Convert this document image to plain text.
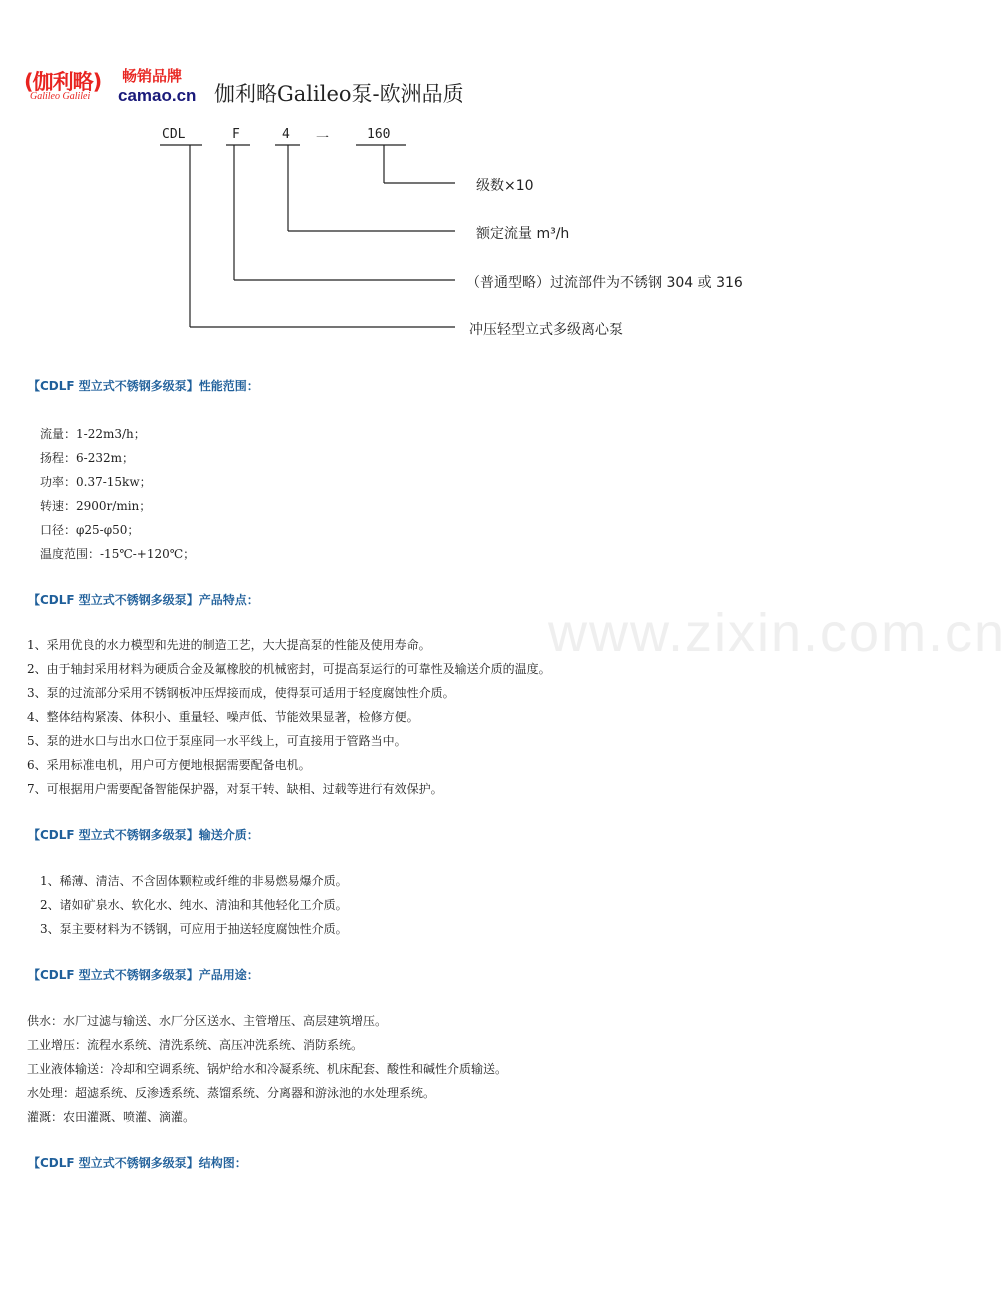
(伽利略) 畅销品牌
camao.cn
Galileo Galilei	伽利略Galileo泵-欧洲品质
CDL	F	4 一	160
级数×10
额定流量 m³/h
（普通型略）过流部件为不锈钢 304 或 316
冲压轻型立式多级离心泵
www.zixin.com.cn
【CDLF 型立式不锈钢多级泵】性能范围：
流量：1-22m3/h；
扬程：6-232m；
功率：0.37-15kw；
转速：2900r/min；
口径：φ25-φ50；
温度范围：-15℃-+120℃；
【CDLF 型立式不锈钢多级泵】产品特点：
1、采用优良的水力模型和先进的制造工艺，大大提高泵的性能及使用寿命。
2、由于轴封采用材料为硬质合金及氟橡胶的机械密封，可提高泵运行的可靠性及输送介质的温度。
3、泵的过流部分采用不锈钢板冲压焊接而成，使得泵可适用于轻度腐蚀性介质。
4、整体结构紧凑、体积小、重量轻、噪声低、节能效果显著，检修方便。
5、泵的进水口与出水口位于泵座同一水平线上，可直接用于管路当中。
6、采用标准电机，用户可方便地根据需要配备电机。
7、可根据用户需要配备智能保护器，对泵干转、缺相、过载等进行有效保护。
【CDLF 型立式不锈钢多级泵】输送介质：
1、稀薄、清洁、不含固体颗粒或纤维的非易燃易爆介质。
2、诸如矿泉水、软化水、纯水、清油和其他轻化工介质。
3、泵主要材料为不锈钢，可应用于抽送轻度腐蚀性介质。
【CDLF 型立式不锈钢多级泵】产品用途：
供水：水厂过滤与输送、水厂分区送水、主管增压、高层建筑增压。
工业增压：流程水系统、清洗系统、高压冲洗系统、消防系统。
工业液体输送：冷却和空调系统、锅炉给水和冷凝系统、机床配套、酸性和碱性介质输送。
水处理：超滤系统、反渗透系统、蒸馏系统、分离器和游泳池的水处理系统。
灌溉：农田灌溉、喷灌、滴灌。
【CDLF 型立式不锈钢多级泵】结构图：
